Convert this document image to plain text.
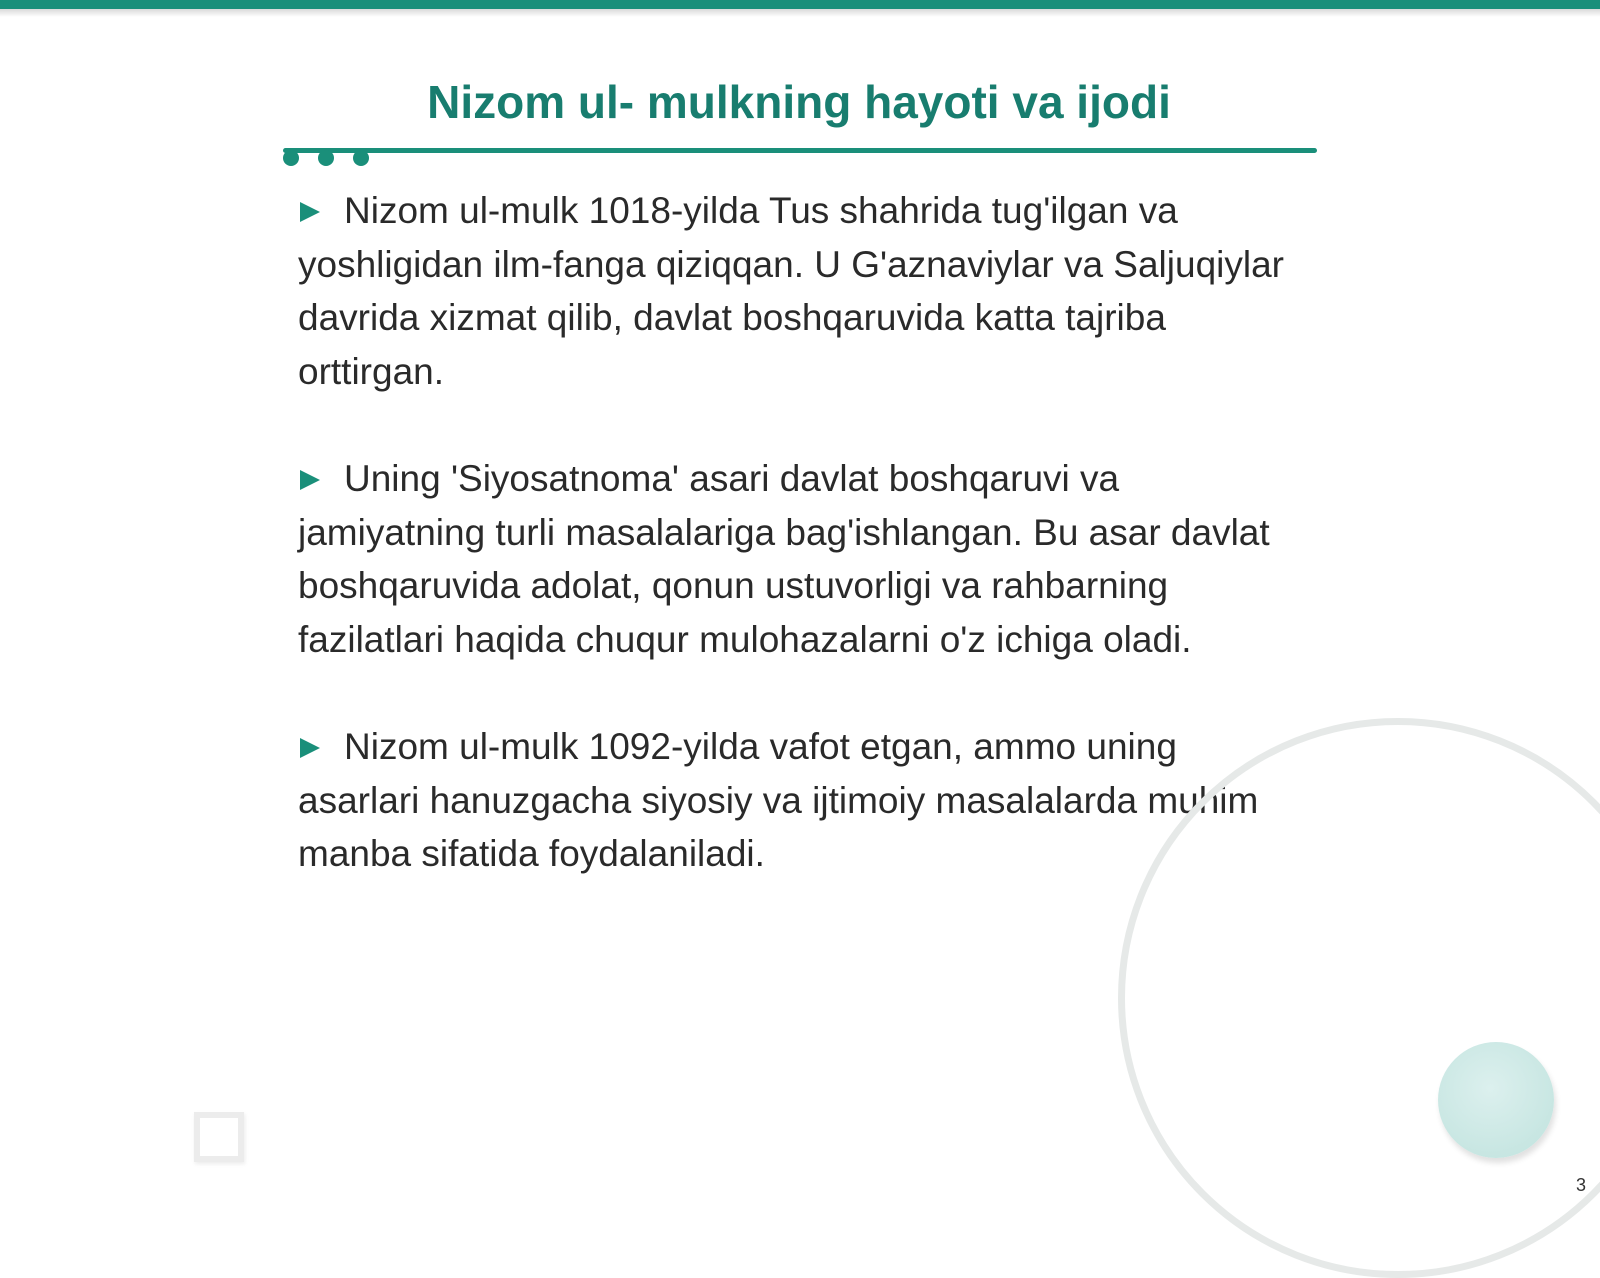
Nizom ul- mulkning hayoti va ijodi

Nizom ul-mulk 1018-yilda Tus shahrida tug'ilgan va yoshligidan ilm-fanga qiziqqan. U G'aznaviylar va Saljuqiylar davrida xizmat qilib, davlat boshqaruvida katta tajriba orttirgan.

Uning 'Siyosatnoma' asari davlat boshqaruvi va jamiyatning turli masalalariga bag'ishlangan. Bu asar davlat boshqaruvida adolat, qonun ustuvorligi va rahbarning fazilatlari haqida chuqur mulohazalarni o'z ichiga oladi.

Nizom ul-mulk 1092-yilda vafot etgan, ammo uning asarlari hanuzgacha siyosiy va ijtimoiy masalalarda muhim manba sifatida foydalaniladi.

3
